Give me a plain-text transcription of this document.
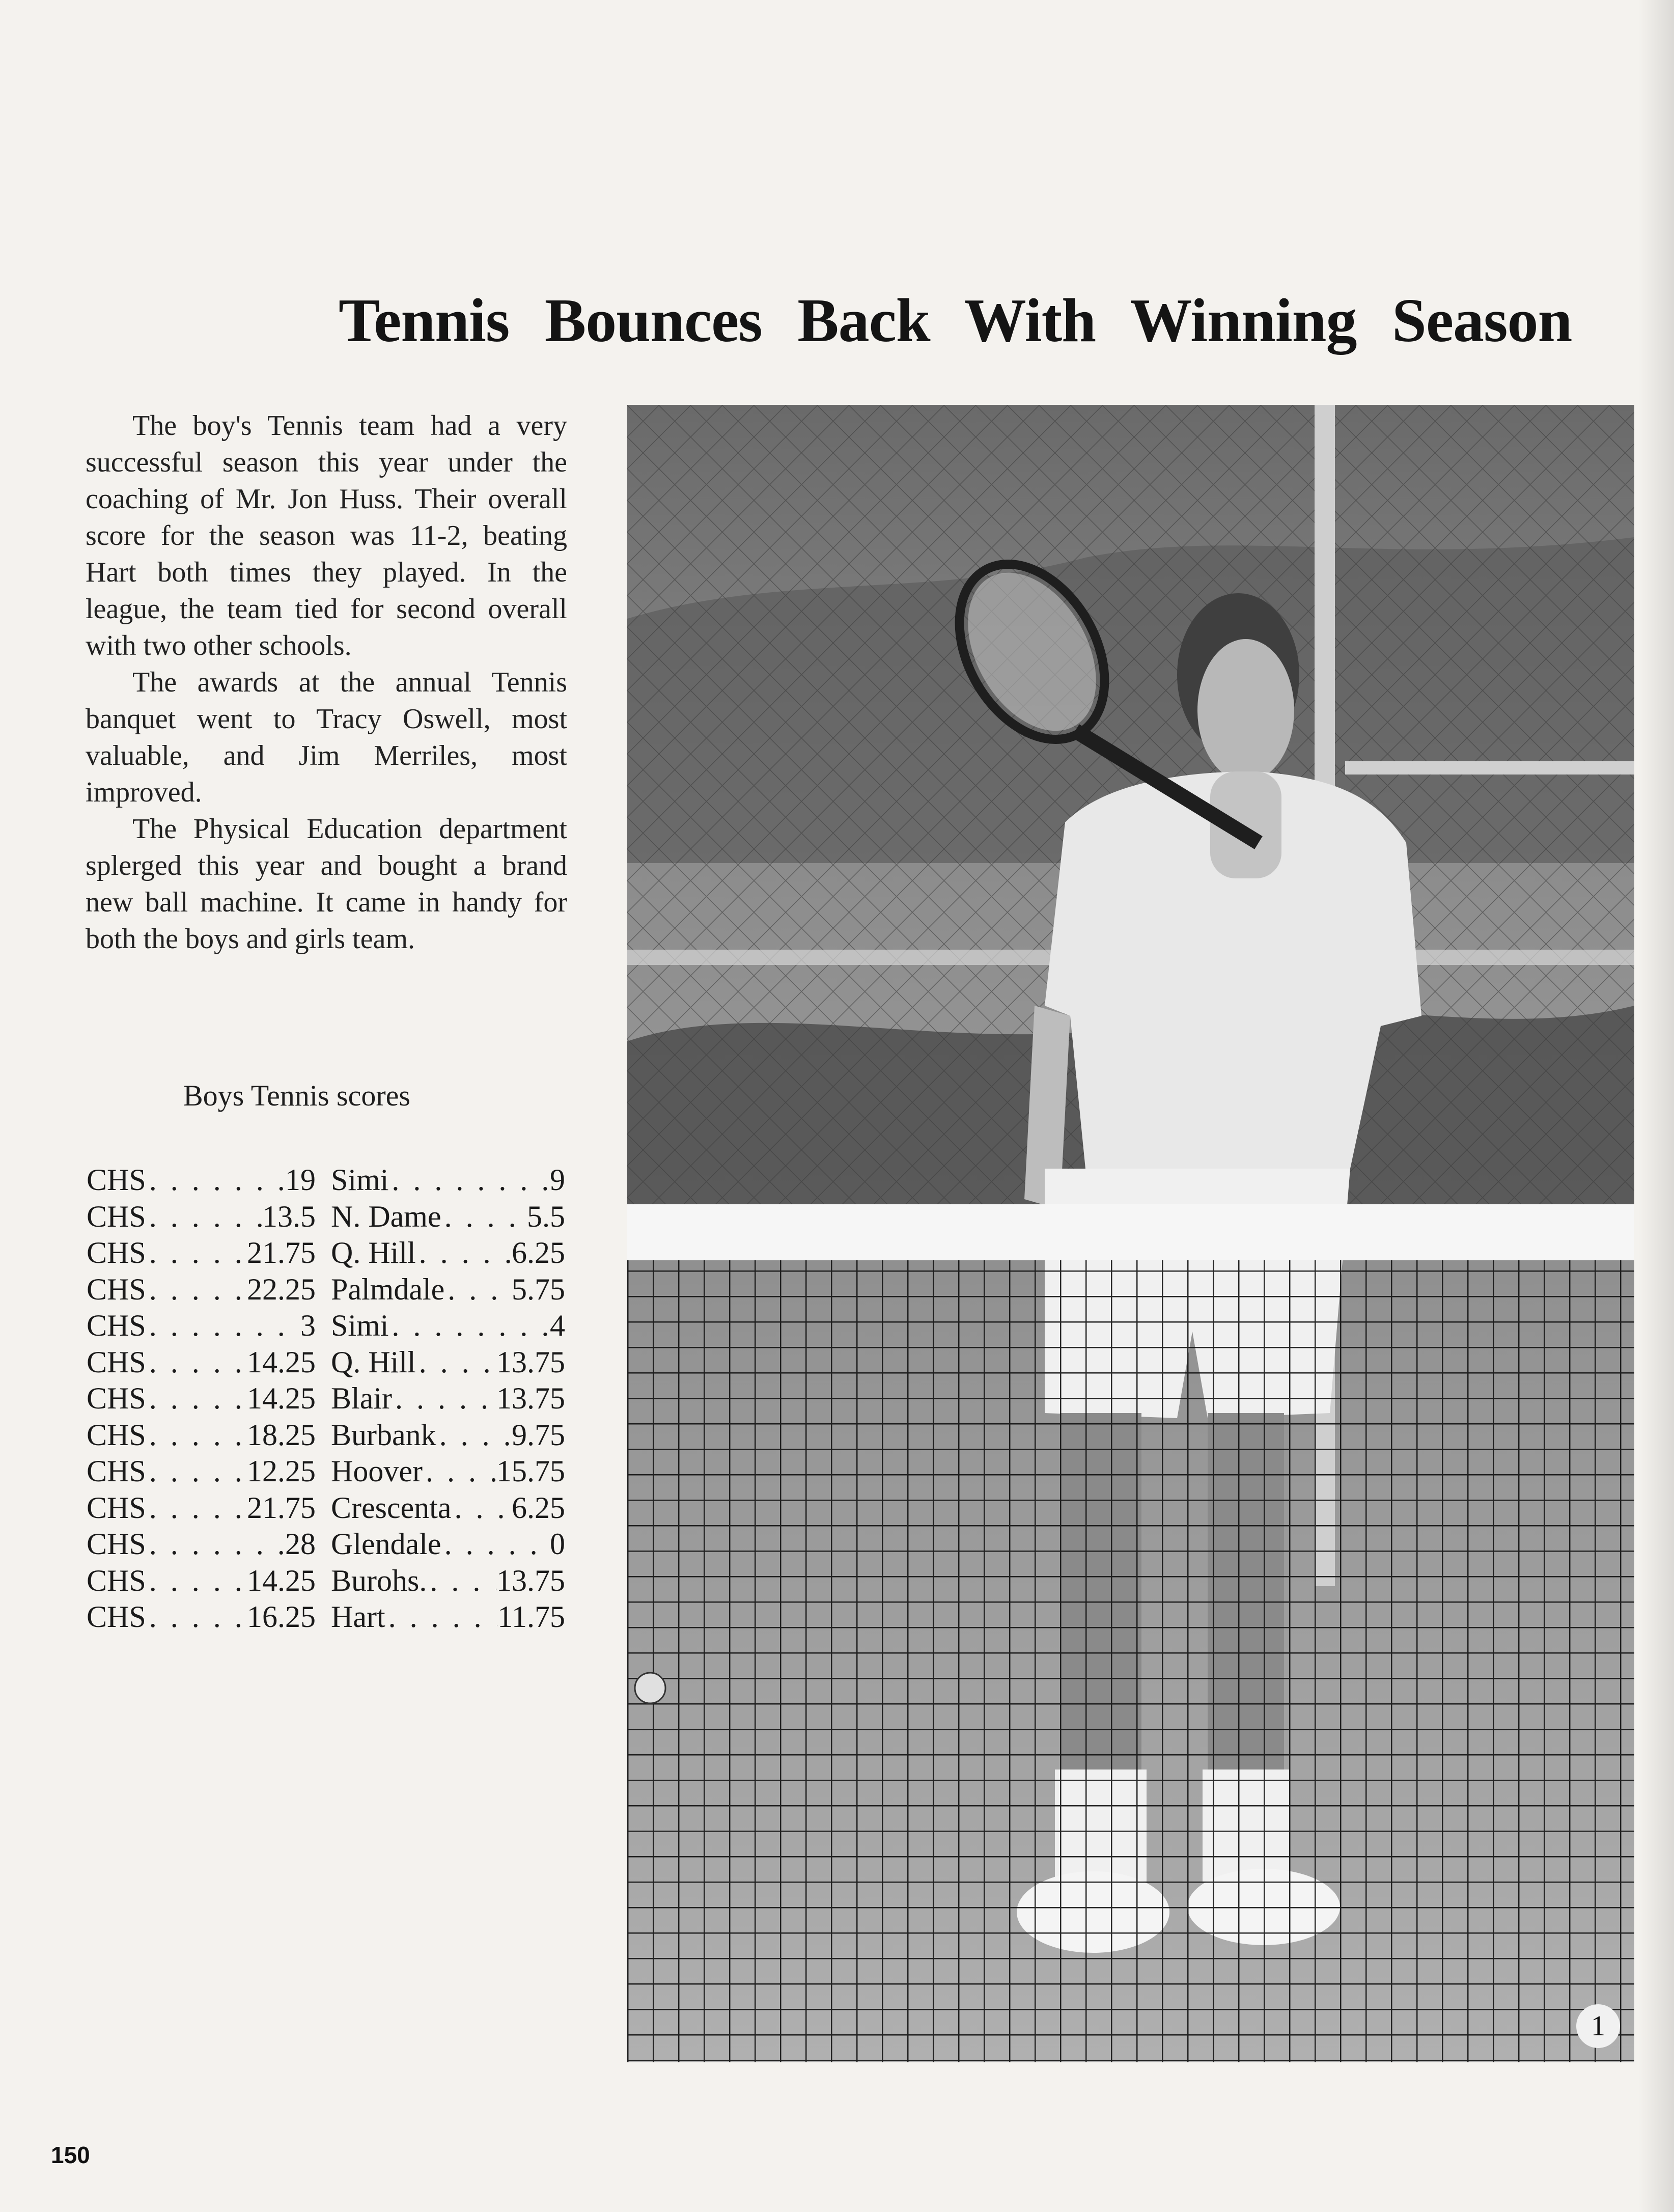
Tennis Bounces Back With Winning Season

The boy's Tennis team had a very successful season this year under the coaching of Mr. Jon Huss. Their overall score for the season was 11-2, beating Hart both times they played. In the league, the team tied for second overall with two other schools.

The awards at the annual Tennis banquet went to Tracy Oswell, most valuable, and Jim Merriles, most improved.

The Physical Education department splerged this year and bought a brand new ball machine. It came in handy for both the boys and girls team.

Boys Tennis scores
CHS . . .	19 Simi . . .	9
CHS . . .	13.5 N. Dame . . .	5.5
CHS . . .	21.75 Q. Hill . . .	6.25
CHS . . .	22.25 Palmdale . . . 5.75
CHS . . .	3 Simi . . .	4
CHS . . .	14.25 Q. Hill . . .	13.75
CHS . . .	14.25 Blair . . .	13.75
CHS . . .	18.25 Burbank . . . 9.75
CHS . . .	12.25 Hoover . . . 15.75
CHS . . .	21.75 Crescenta . . . 6.25
CHS . . .	28 Glendale . . .	0
CHS . . .	14.25 Burohs. . . . 13.75
CHS . . .	16.25 Hart . . .	11.75
1
150
